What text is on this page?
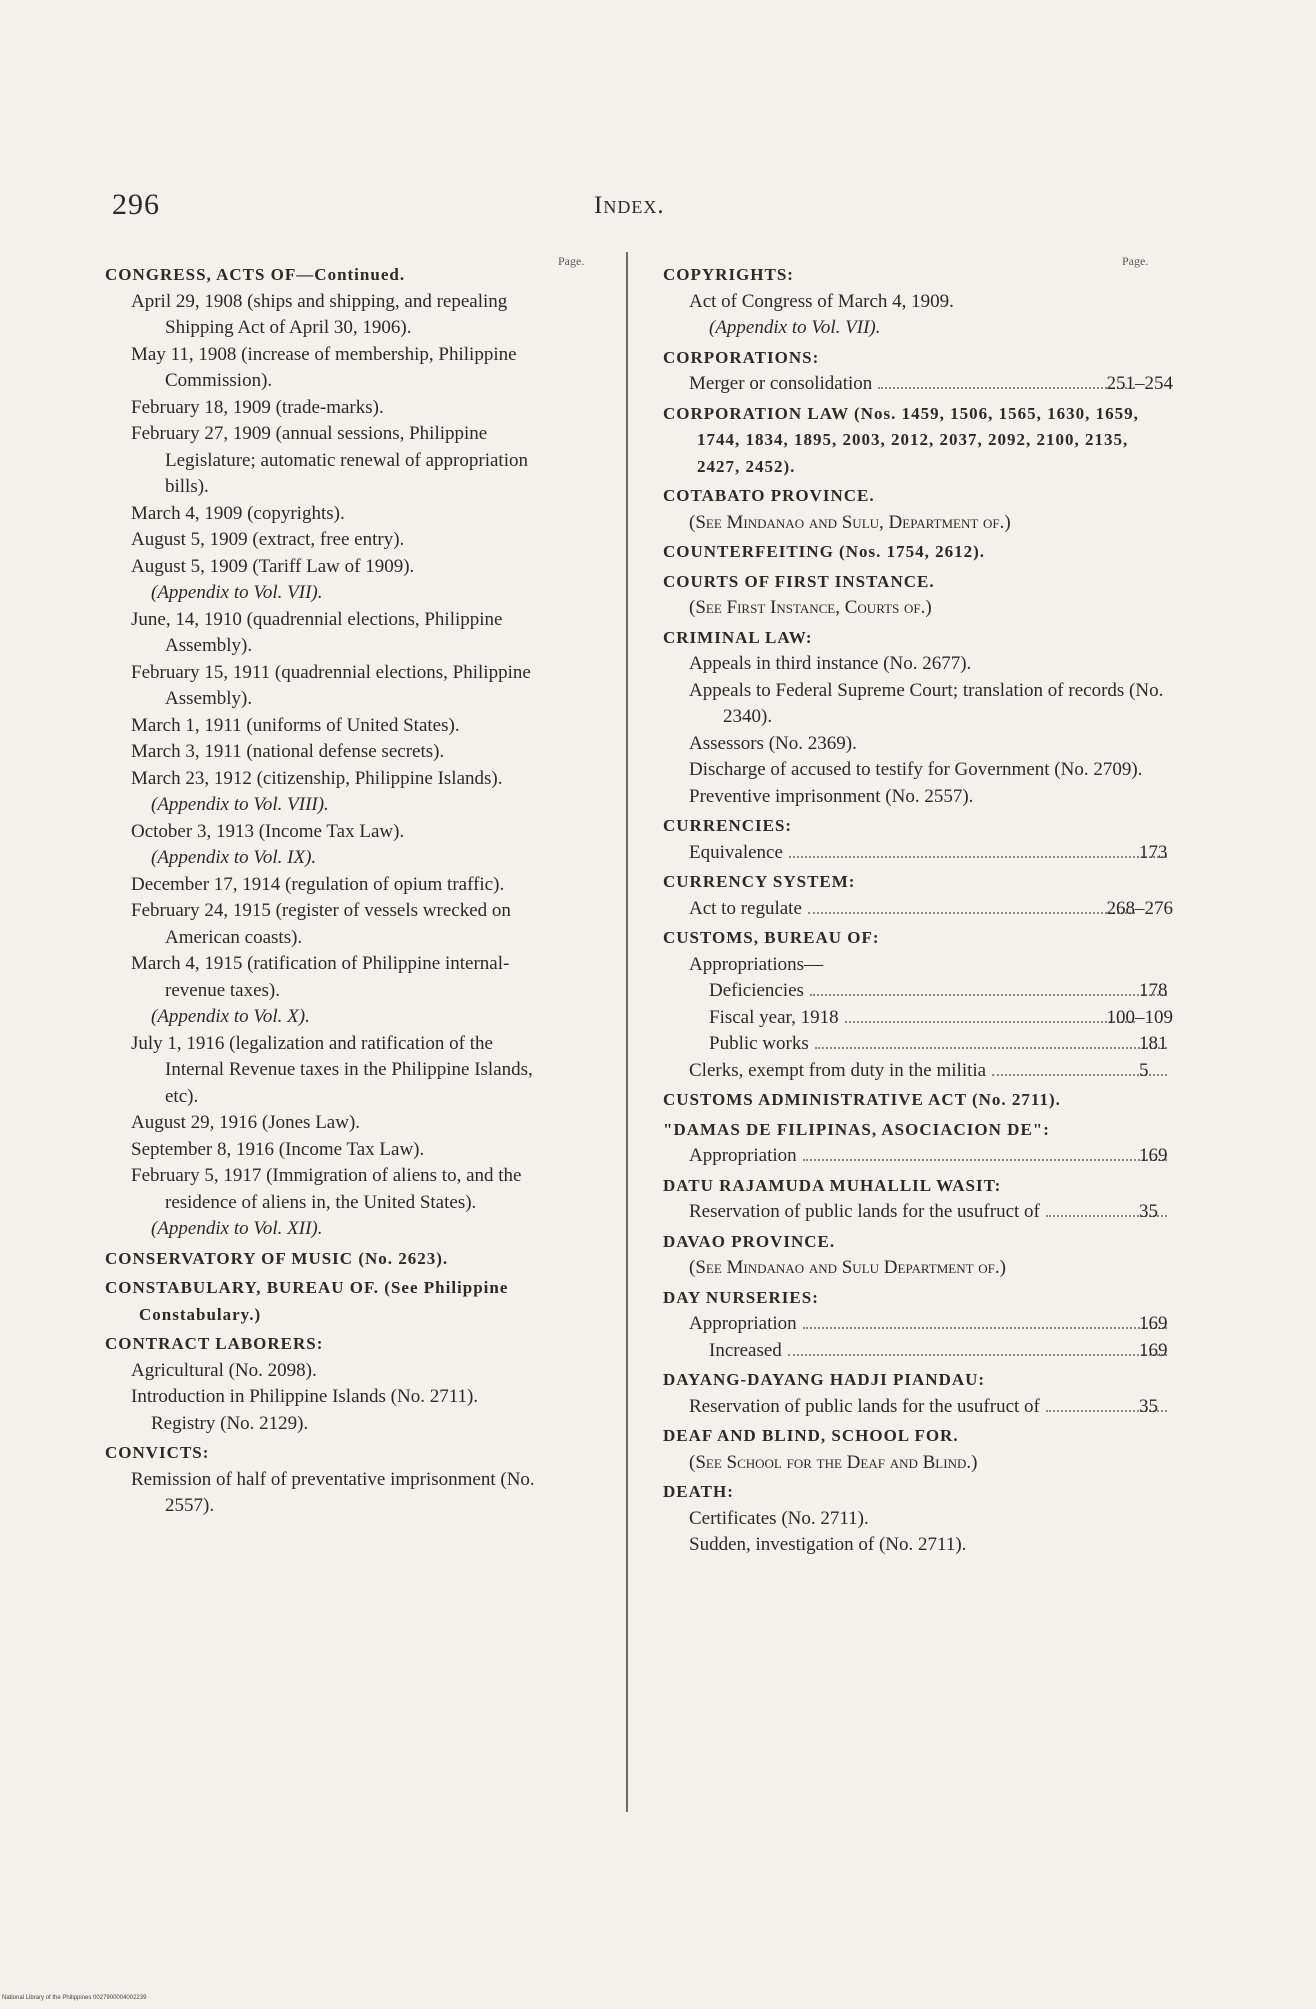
296	Index.
Page.	Page.
CONGRESS, ACTS OF—Continued.
April 29, 1908 (ships and shipping, and repealing Shipping Act of April 30, 1906).
May 11, 1908 (increase of membership, Philippine Commission).
February 18, 1909 (trade-marks).
February 27, 1909 (annual sessions, Philippine Legislature; automatic renewal of appropriation bills).
March 4, 1909 (copyrights).
August 5, 1909 (extract, free entry).
August 5, 1909 (Tariff Law of 1909).
(Appendix to Vol. VII).
June, 14, 1910 (quadrennial elections, Philippine Assembly).
February 15, 1911 (quadrennial elections, Philippine Assembly).
March 1, 1911 (uniforms of United States).
March 3, 1911 (national defense secrets).
March 23, 1912 (citizenship, Philippine Islands).
(Appendix to Vol. VIII).
October 3, 1913 (Income Tax Law).
(Appendix to Vol. IX).
December 17, 1914 (regulation of opium traffic).
February 24, 1915 (register of vessels wrecked on American coasts).
March 4, 1915 (ratification of Philippine internal-revenue taxes).
(Appendix to Vol. X).
July 1, 1916 (legalization and ratification of the Internal Revenue taxes in the Philippine Islands, etc).
August 29, 1916 (Jones Law).
September 8, 1916 (Income Tax Law).
February 5, 1917 (Immigration of aliens to, and the residence of aliens in, the United States).
(Appendix to Vol. XII).
CONSERVATORY OF MUSIC (No. 2623).
CONSTABULARY, BUREAU OF. (See Philippine Constabulary.)
CONTRACT LABORERS:
Agricultural (No. 2098).
Introduction in Philippine Islands (No. 2711).
Registry (No. 2129).
CONVICTS:
Remission of half of preventative imprisonment (No. 2557).
COPYRIGHTS:
Act of Congress of March 4, 1909.
(Appendix to Vol. VII).
CORPORATIONS:
Merger or consolidation	251–254
CORPORATION LAW (Nos. 1459, 1506, 1565, 1630, 1659, 1744, 1834, 1895, 2003, 2012, 2037, 2092, 2100, 2135, 2427, 2452).
COTABATO PROVINCE.
(See Mindanao and Sulu, Department of.)
COUNTERFEITING (Nos. 1754, 2612).
COURTS OF FIRST INSTANCE.
(See First Instance, Courts of.)
CRIMINAL LAW:
Appeals in third instance (No. 2677).
Appeals to Federal Supreme Court; translation of records (No. 2340).
Assessors (No. 2369).
Discharge of accused to testify for Government (No. 2709).
Preventive imprisonment (No. 2557).
CURRENCIES:
Equivalence	173
CURRENCY SYSTEM:
Act to regulate	268–276
CUSTOMS, BUREAU OF:
Appropriations—
Deficiencies	178
Fiscal year, 1918	100–109
Public works	181
Clerks, exempt from duty in the militia	5
CUSTOMS ADMINISTRATIVE ACT (No. 2711).
"DAMAS DE FILIPINAS, ASOCIACION DE":
Appropriation	169
DATU RAJAMUDA MUHALLIL WASIT:
Reservation of public lands for the usufruct of	35
DAVAO PROVINCE.
(See Mindanao and Sulu Department of.)
DAY NURSERIES:
Appropriation	169
Increased	169
DAYANG-DAYANG HADJI PIANDAU:
Reservation of public lands for the usufruct of	35
DEAF AND BLIND, SCHOOL FOR.
(See School for the Deaf and Blind.)
DEATH:
Certificates (No. 2711).
Sudden, investigation of (No. 2711).
National Library of the Philippines 0027900004002239
